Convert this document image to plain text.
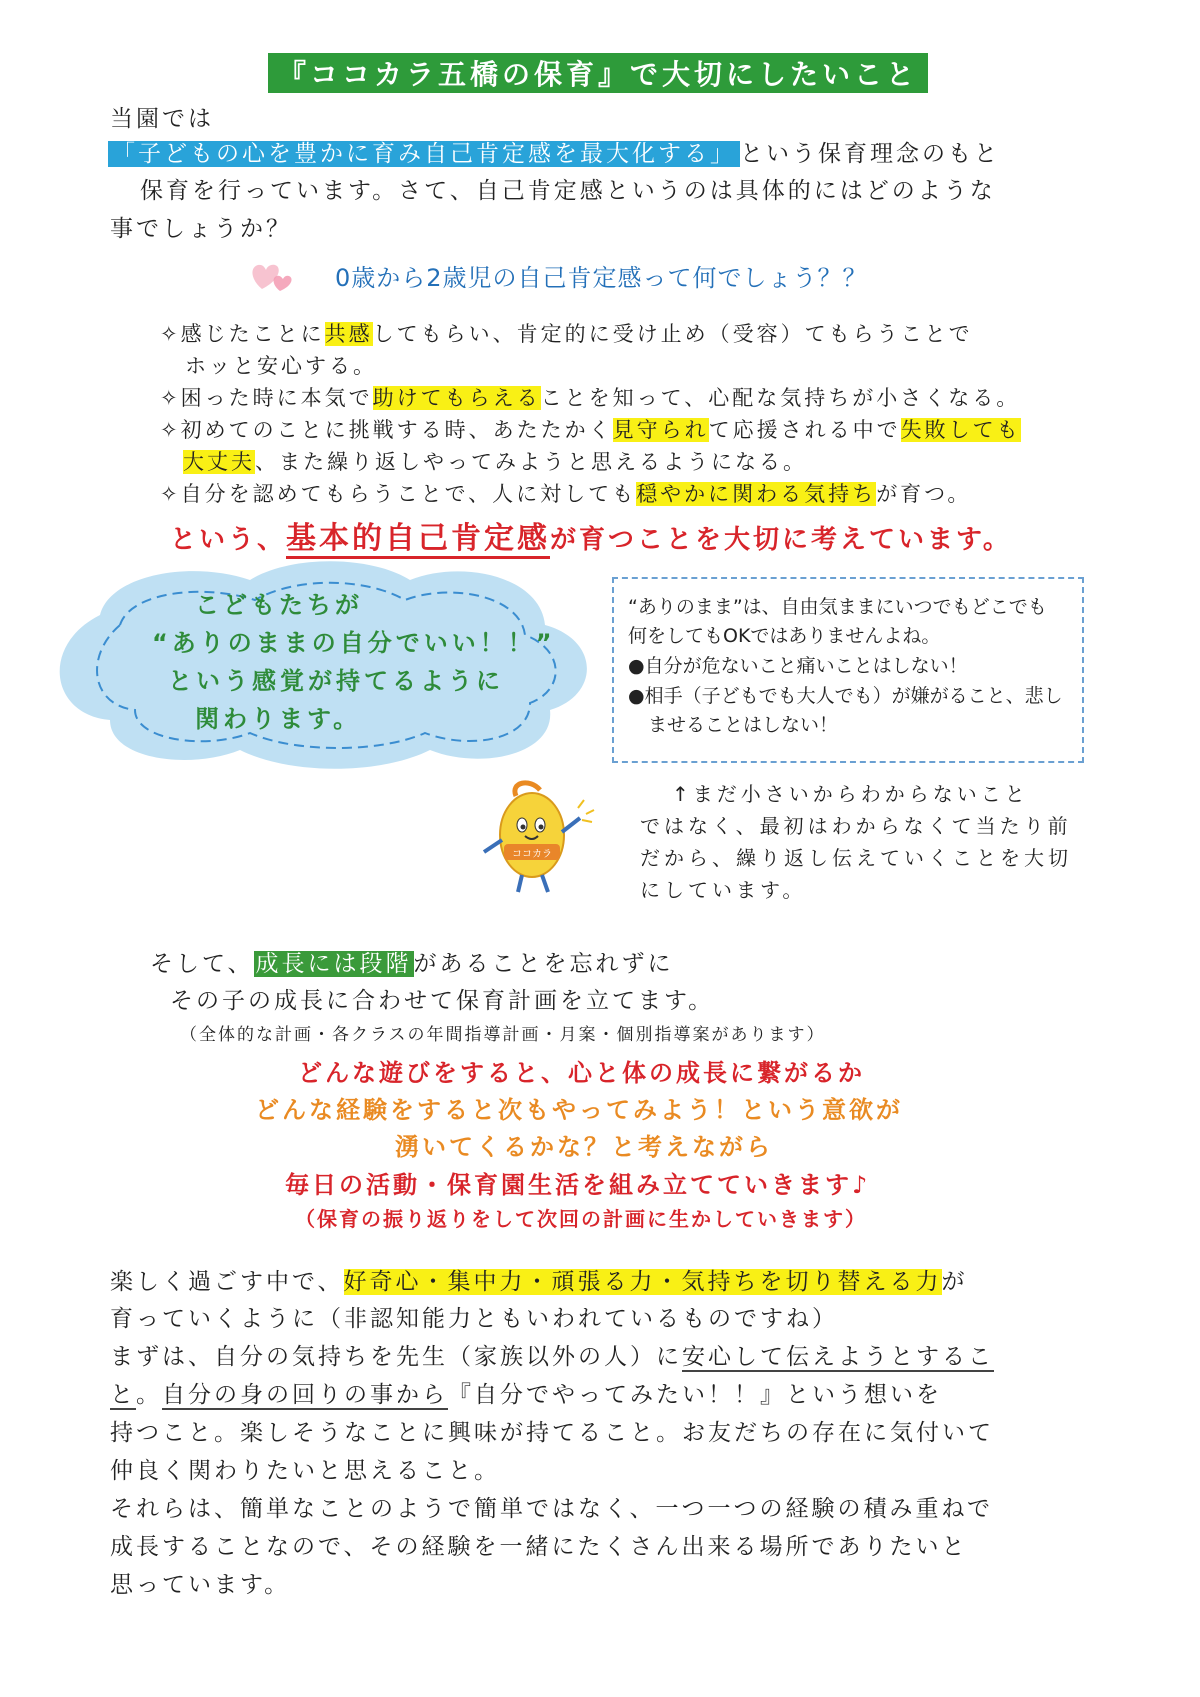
『ココカラ五橋の保育』で大切にしたいこと
当園では
「子どもの心を豊かに育み自己肯定感を最大化する」 という保育理念のもと
保育を行っています。さて、自己肯定感というのは具体的にはどのような
事でしょうか？
0歳から2歳児の自己肯定感って何でしょう？？
✧感じたことに共感してもらい、肯定的に受け止め（受容）てもらうことで
ホッと安心する。
✧困った時に本気で助けてもらえることを知って、心配な気持ちが小さくなる。
✧初めてのことに挑戦する時、あたたかく見守られて応援される中で失敗しても
大丈夫、また繰り返しやってみようと思えるようになる。
✧自分を認めてもらうことで、人に対しても穏やかに関わる気持ちが育つ。
という、基本的自己肯定感が育つことを大切に考えています。
こどもたちが
“ありのままの自分でいい！！”
という感覚が持てるように
関わります。
“ありのまま”は、自由気ままにいつでもどこでも
何をしてもOKではありませんよね。
●自分が危ないこと痛いことはしない！
●相手（子どもでも大人でも）が嫌がること、悲し
ませることはしない！
ココカラ
↑まだ小さいからわからないこと
ではなく、最初はわからなくて当たり前
だから、繰り返し伝えていくことを大切
にしています。
そして、成長には段階があることを忘れずに
その子の成長に合わせて保育計画を立てます。
（全体的な計画・各クラスの年間指導計画・月案・個別指導案があります）
どんな遊びをすると、心と体の成長に繋がるか
どんな経験をすると次もやってみよう！という意欲が
湧いてくるかな？と考えながら
毎日の活動・保育園生活を組み立てていきます♪
（保育の振り返りをして次回の計画に生かしていきます）
楽しく過ごす中で、好奇心・集中力・頑張る力・気持ちを切り替える力が
育っていくように（非認知能力ともいわれているものですね）
まずは、自分の気持ちを先生（家族以外の人）に安心して伝えようとするこ
と。自分の身の回りの事から『自分でやってみたい！！』という想いを
持つこと。楽しそうなことに興味が持てること。お友だちの存在に気付いて
仲良く関わりたいと思えること。
それらは、簡単なことのようで簡単ではなく、一つ一つの経験の積み重ねで
成長することなので、その経験を一緒にたくさん出来る場所でありたいと
思っています。
